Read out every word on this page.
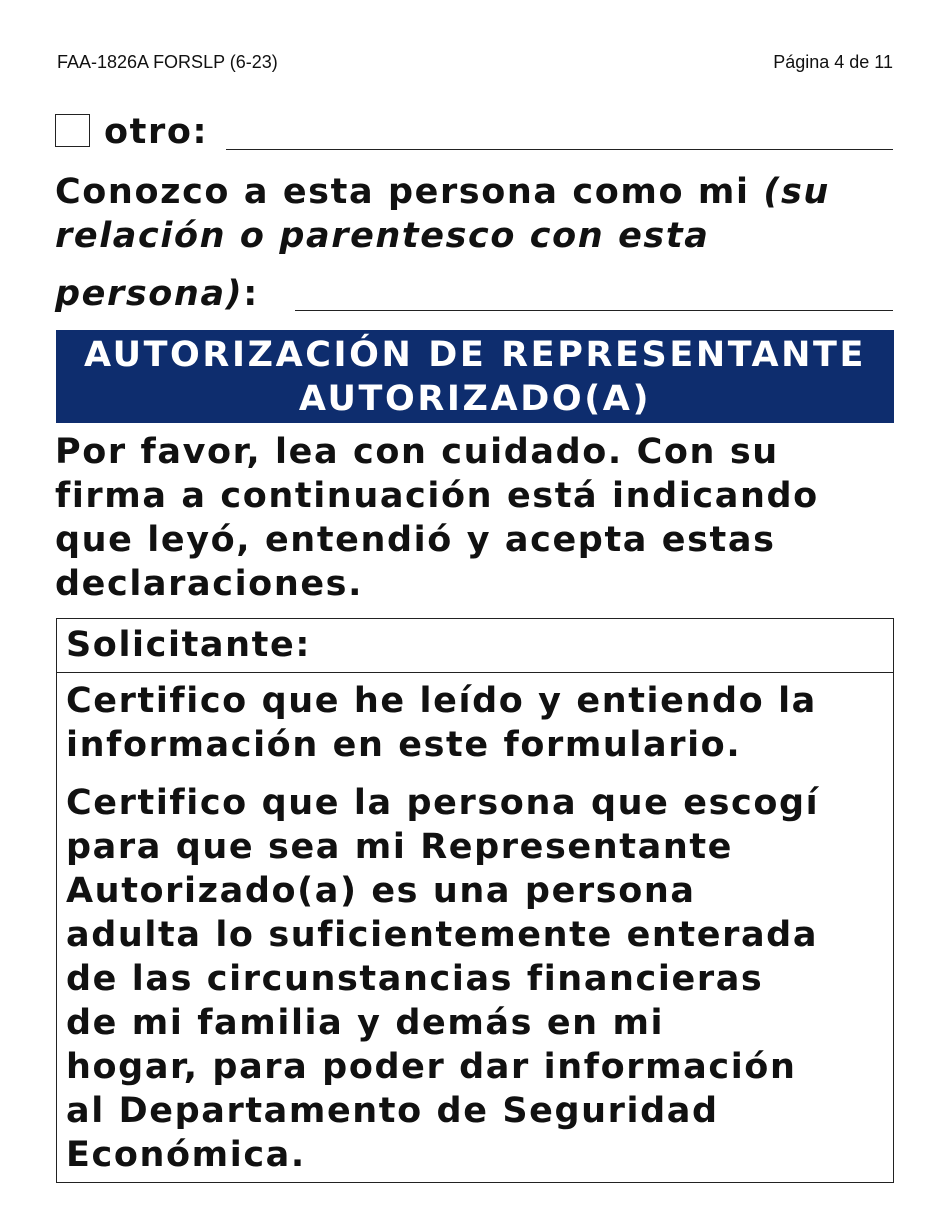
FAA-1826A FORSLP (6-23)	Página 4 de 11
otro:
Conozco a esta persona como mi (su
relación o parentesco con esta
persona):
AUTORIZACIÓN DE REPRESENTANTE
AUTORIZADO(A)
Por favor, lea con cuidado. Con su
firma a continuación está indicando
que leyó, entendió y acepta estas
declaraciones.
Solicitante:
Certifico que he leído y entiendo la
información en este formulario.
Certifico que la persona que escogí
para que sea mi Representante
Autorizado(a) es una persona
adulta lo suficientemente enterada
de las circunstancias financieras
de mi familia y demás en mi
hogar, para poder dar información
al Departamento de Seguridad
Económica.
